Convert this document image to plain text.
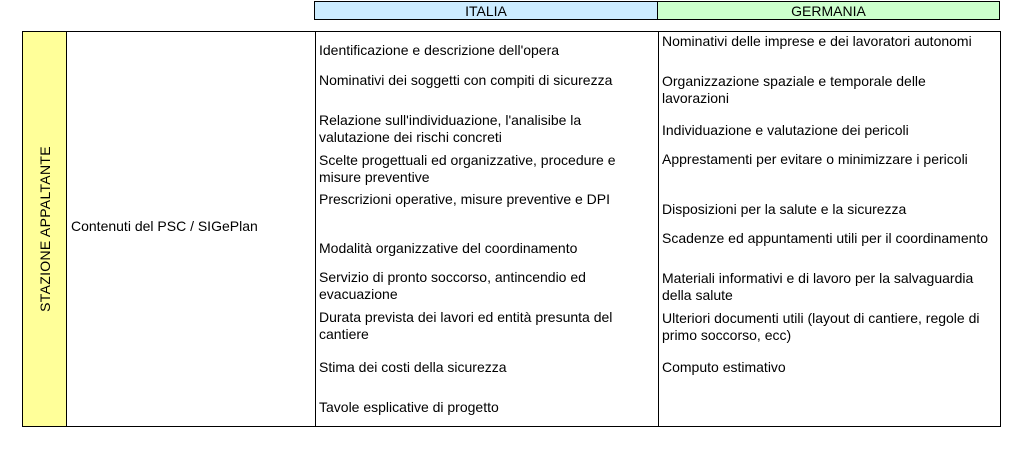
ITALIA	GERMANIA
STAZIONE APPALTANTE Contenuti del PSC / SIGePlan
Identificazione e descrizione dell'opera
Nominativi dei soggetti con compiti di sicurezza
Relazione sull'individuazione, l'analisibe la valutazione dei rischi concreti
Scelte progettuali ed organizzative, procedure e misure preventive
Prescrizioni operative, misure preventive e DPI
Modalità organizzative del coordinamento
Servizio di pronto soccorso, antincendio ed evacuazione
Durata prevista dei lavori ed entità presunta del cantiere
Stima dei costi della sicurezza
Tavole esplicative di progetto
Nominativi delle imprese e dei lavoratori autonomi
Organizzazione spaziale e temporale delle lavorazioni
Individuazione e valutazione dei pericoli
Apprestamenti per evitare o minimizzare i pericoli
Disposizioni per la salute e la sicurezza
Scadenze ed appuntamenti utili per il coordinamento
Materiali informativi e di lavoro per la salvaguardia della salute
Ulteriori documenti utili (layout di cantiere, regole di primo soccorso, ecc)
Computo estimativo
